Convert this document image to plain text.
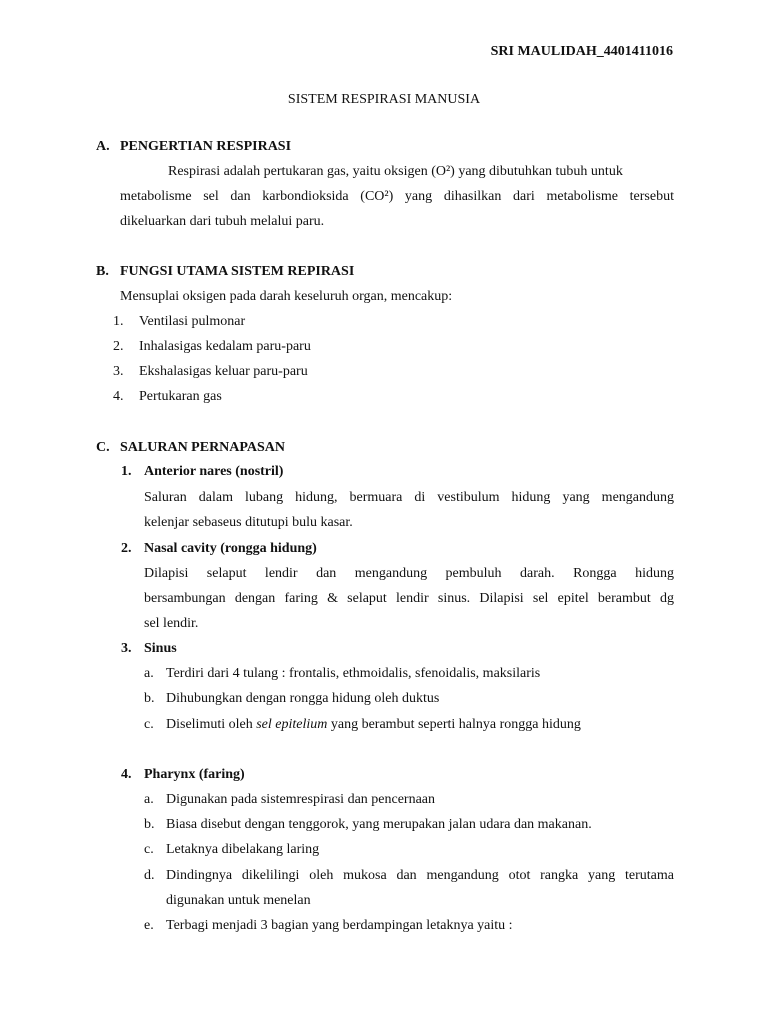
SRI MAULIDAH_4401411016
SISTEM RESPIRASI MANUSIA
A. PENGERTIAN RESPIRASI
Respirasi adalah pertukaran gas, yaitu oksigen (O²) yang dibutuhkan tubuh untuk
metabolisme sel dan karbondioksida (CO²) yang dihasilkan dari metabolisme tersebut
dikeluarkan dari tubuh melalui paru.
B. FUNGSI UTAMA SISTEM REPIRASI
Mensuplai oksigen pada darah keseluruh organ, mencakup:
1. Ventilasi pulmonar
2. Inhalasigas kedalam paru-paru
3. Ekshalasigas keluar paru-paru
4. Pertukaran gas
C. SALURAN PERNAPASAN
1. Anterior nares (nostril)
Saluran dalam lubang hidung, bermuara di vestibulum hidung yang mengandung
kelenjar sebaseus ditutupi bulu kasar.
2. Nasal cavity (rongga hidung)
Dilapisi selaput lendir dan mengandung pembuluh darah. Rongga hidung
bersambungan dengan faring & selaput lendir sinus. Dilapisi sel epitel berambut dg
sel lendir.
3. Sinus
a. Terdiri dari 4 tulang : frontalis, ethmoidalis, sfenoidalis, maksilaris
b. Dihubungkan dengan rongga hidung oleh duktus
c. Diselimuti oleh sel epitelium yang berambut seperti halnya rongga hidung
4. Pharynx (faring)
a. Digunakan pada sistemrespirasi dan pencernaan
b. Biasa disebut dengan tenggorok, yang merupakan jalan udara dan makanan.
c. Letaknya dibelakang laring
d. Dindingnya dikelilingi oleh mukosa dan mengandung otot rangka yang terutama
digunakan untuk menelan
e. Terbagi menjadi 3 bagian yang berdampingan letaknya yaitu :
